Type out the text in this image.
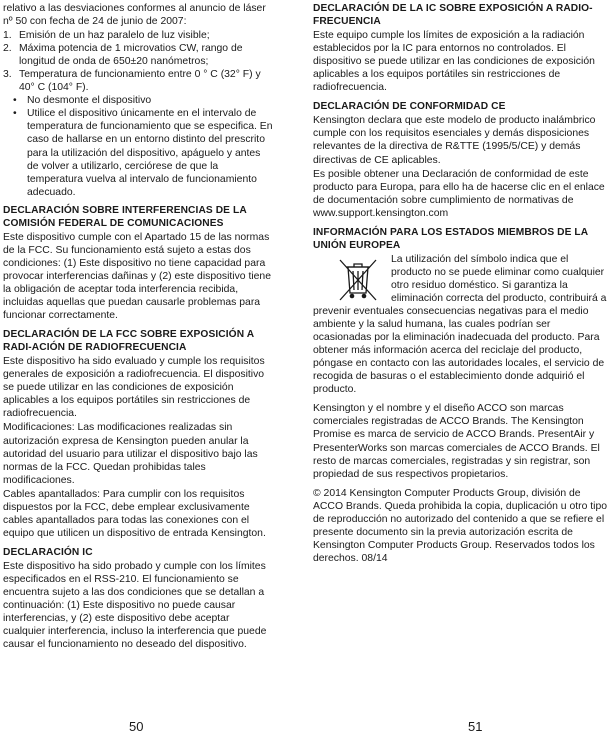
relativo a las desviaciones conformes al anuncio de láser nº 50 con fecha de 24 de junio de 2007:

1. Emisión de un haz paralelo de luz visible;
2. Máxima potencia de 1 microvatios CW, rango de longitud de onda de 650±20 nanómetros;
3. Temperatura de funcionamiento entre 0 ° C (32° F) y 40° C (104° F).
• No desmonte el dispositivo
• Utilice el dispositivo únicamente en el intervalo de temperatura de funcionamiento que se especifica. En caso de hallarse en un entorno distinto del prescrito para la utilización del dispositivo, apáguelo y antes de volver a utilizarlo, cerciórese de que la temperatura vuelva al intervalo de funcionamiento adecuado.
DECLARACIÓN SOBRE INTERFERENCIAS DE LA COMISIÓN FEDERAL DE COMUNICACIONES

Este dispositivo cumple con el Apartado 15 de las normas de la FCC. Su funcionamiento está sujeto a estas dos condiciones: (1) Este dispositivo no tiene capacidad para provocar interferencias dañinas y (2) este dispositivo tiene la obligación de aceptar toda interferencia recibida, incluidas aquellas que puedan causarle problemas para funcionar correctamente.

DECLARACIÓN DE LA FCC SOBRE EXPOSICIÓN A RADI-ACIÓN DE RADIOFRECUENCIA

Este dispositivo ha sido evaluado y cumple los requisitos generales de exposición a radiofrecuencia. El dispositivo se puede utilizar en las condiciones de exposición aplicables a los equipos portátiles sin restricciones de radiofrecuencia.

Modificaciones: Las modificaciones realizadas sin autorización expresa de Kensington pueden anular la autoridad del usuario para utilizar el dispositivo bajo las normas de la FCC. Quedan prohibidas tales modificaciones.

Cables apantallados: Para cumplir con los requisitos dispuestos por la FCC, debe emplear exclusivamente cables apantallados para todas las conexiones con el equipo que utilicen un dispositivo de entrada Kensington.

DECLARACIÓN IC

Este dispositivo ha sido probado y cumple con los límites especificados en el RSS-210. El funcionamiento se encuentra sujeto a las dos condiciones que se detallan a continuación: (1) Este dispositivo no puede causar interferencias, y (2) este dispositivo debe aceptar cualquier interferencia, incluso la interferencia que puede causar el funcionamiento no deseado del dispositivo.

DECLARACIÓN DE LA IC SOBRE EXPOSICIÓN A RADIO-FRECUENCIA

Este equipo cumple los límites de exposición a la radiación establecidos por la IC para entornos no controlados. El dispositivo se puede utilizar en las condiciones de exposición aplicables a los equipos portátiles sin restricciones de radiofrecuencia.

DECLARACIÓN DE CONFORMIDAD CE

Kensington declara que este modelo de producto inalámbrico cumple con los requisitos esenciales y demás disposiciones relevantes de la directiva de R&TTE (1995/5/CE) y demás directivas de CE aplicables.

Es posible obtener una Declaración de conformidad de este producto para Europa, para ello ha de hacerse clic en el enlace de documentación sobre cumplimiento de normativas de www.support.kensington.com

INFORMACIÓN PARA LOS ESTADOS MIEMBROS DE LA UNIÓN EUROPEA

La utilización del símbolo indica que el producto no se puede eliminar como cualquier otro residuo doméstico. Si garantiza la eliminación correcta del producto, contribuirá a prevenir eventuales consecuencias negativas para el medio ambiente y la salud humana, las cuales podrían ser ocasionadas por la eliminación inadecuada del producto. Para obtener más información acerca del reciclaje del producto, póngase en contacto con las autoridades locales, el servicio de recogida de basuras o el establecimiento donde adquirió el producto.

Kensington y el nombre y el diseño ACCO son marcas comerciales registradas de ACCO Brands. The Kensington Promise es marca de servicio de ACCO Brands. PresentAir y PresenterWorks son marcas comerciales de ACCO Brands. El resto de marcas comerciales, registradas y sin registrar, son propiedad de sus respectivos propietarios.

© 2014 Kensington Computer Products Group, división de ACCO Brands. Queda prohibida la copia, duplicación u otro tipo de reproducción no autorizado del contenido a que se refiere el presente documento sin la previa autorización escrita de Kensington Computer Products Group. Reservados todos los derechos. 08/14

50	51
